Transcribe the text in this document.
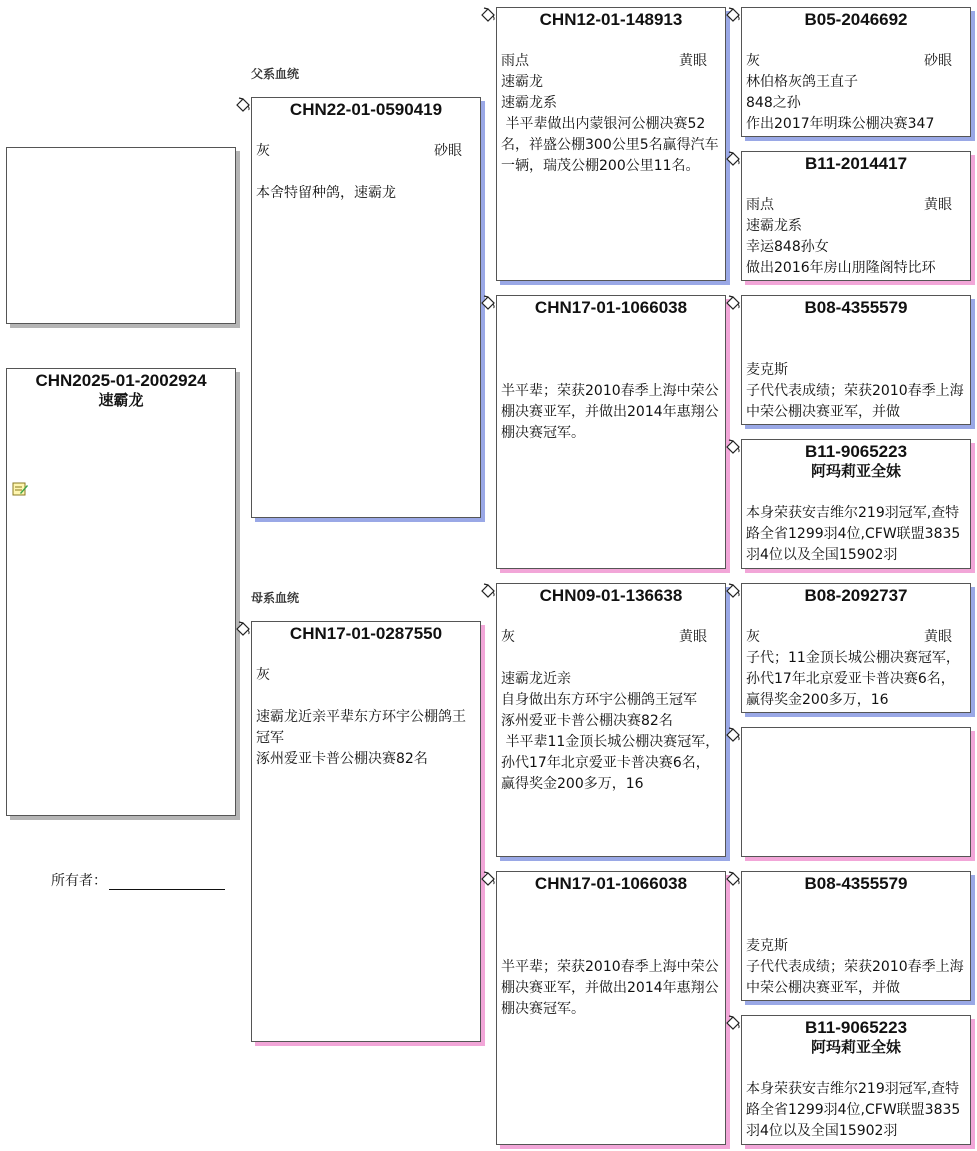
CHN2025-01-2002924
速霸龙
所有者：
父系血统
母系血统
CHN22-01-0590419
灰	砂眼
本舍特留种鸽，速霸龙
CHN17-01-0287550
灰
速霸龙近亲平辈东方环宇公棚鸽王冠军
涿州爱亚卡普公棚决赛82名
CHN12-01-148913
雨点	黄眼
速霸龙
速霸龙系
半平辈做出内蒙银河公棚决赛52名，祥盛公棚300公里5名赢得汽车一辆，瑞茂公棚200公里11名。
CHN17-01-1066038
半平辈；荣获2010春季上海中荣公棚决赛亚军，并做出2014年惠翔公棚决赛冠军。
CHN09-01-136638
灰	黄眼
速霸龙近亲
自身做出东方环宇公棚鸽王冠军
涿州爱亚卡普公棚决赛82名
半平辈11金顶长城公棚决赛冠军，孙代17年北京爱亚卡普决赛6名，赢得奖金200多万，16
CHN17-01-1066038
半平辈；荣获2010春季上海中荣公棚决赛亚军，并做出2014年惠翔公棚决赛冠军。
B05-2046692
灰	砂眼
林伯格灰鸽王直子
848之孙
作出2017年明珠公棚决赛347
B11-2014417
雨点	黄眼
速霸龙系
幸运848孙女
做出2016年房山朋隆阁特比环
B08-4355579
麦克斯
子代代表成绩；荣获2010春季上海中荣公棚决赛亚军，并做
B11-9065223
阿玛莉亚全妹
本身荣获安吉维尔219羽冠军,查特路全省1299羽4位,CFW联盟3835羽4位以及全国15902羽
B08-2092737
灰	黄眼
子代；11金顶长城公棚决赛冠军，孙代17年北京爱亚卡普决赛6名，赢得奖金200多万，16
B08-4355579
麦克斯
子代代表成绩；荣获2010春季上海中荣公棚决赛亚军，并做
B11-9065223
阿玛莉亚全妹
本身荣获安吉维尔219羽冠军,查特路全省1299羽4位,CFW联盟3835羽4位以及全国15902羽
